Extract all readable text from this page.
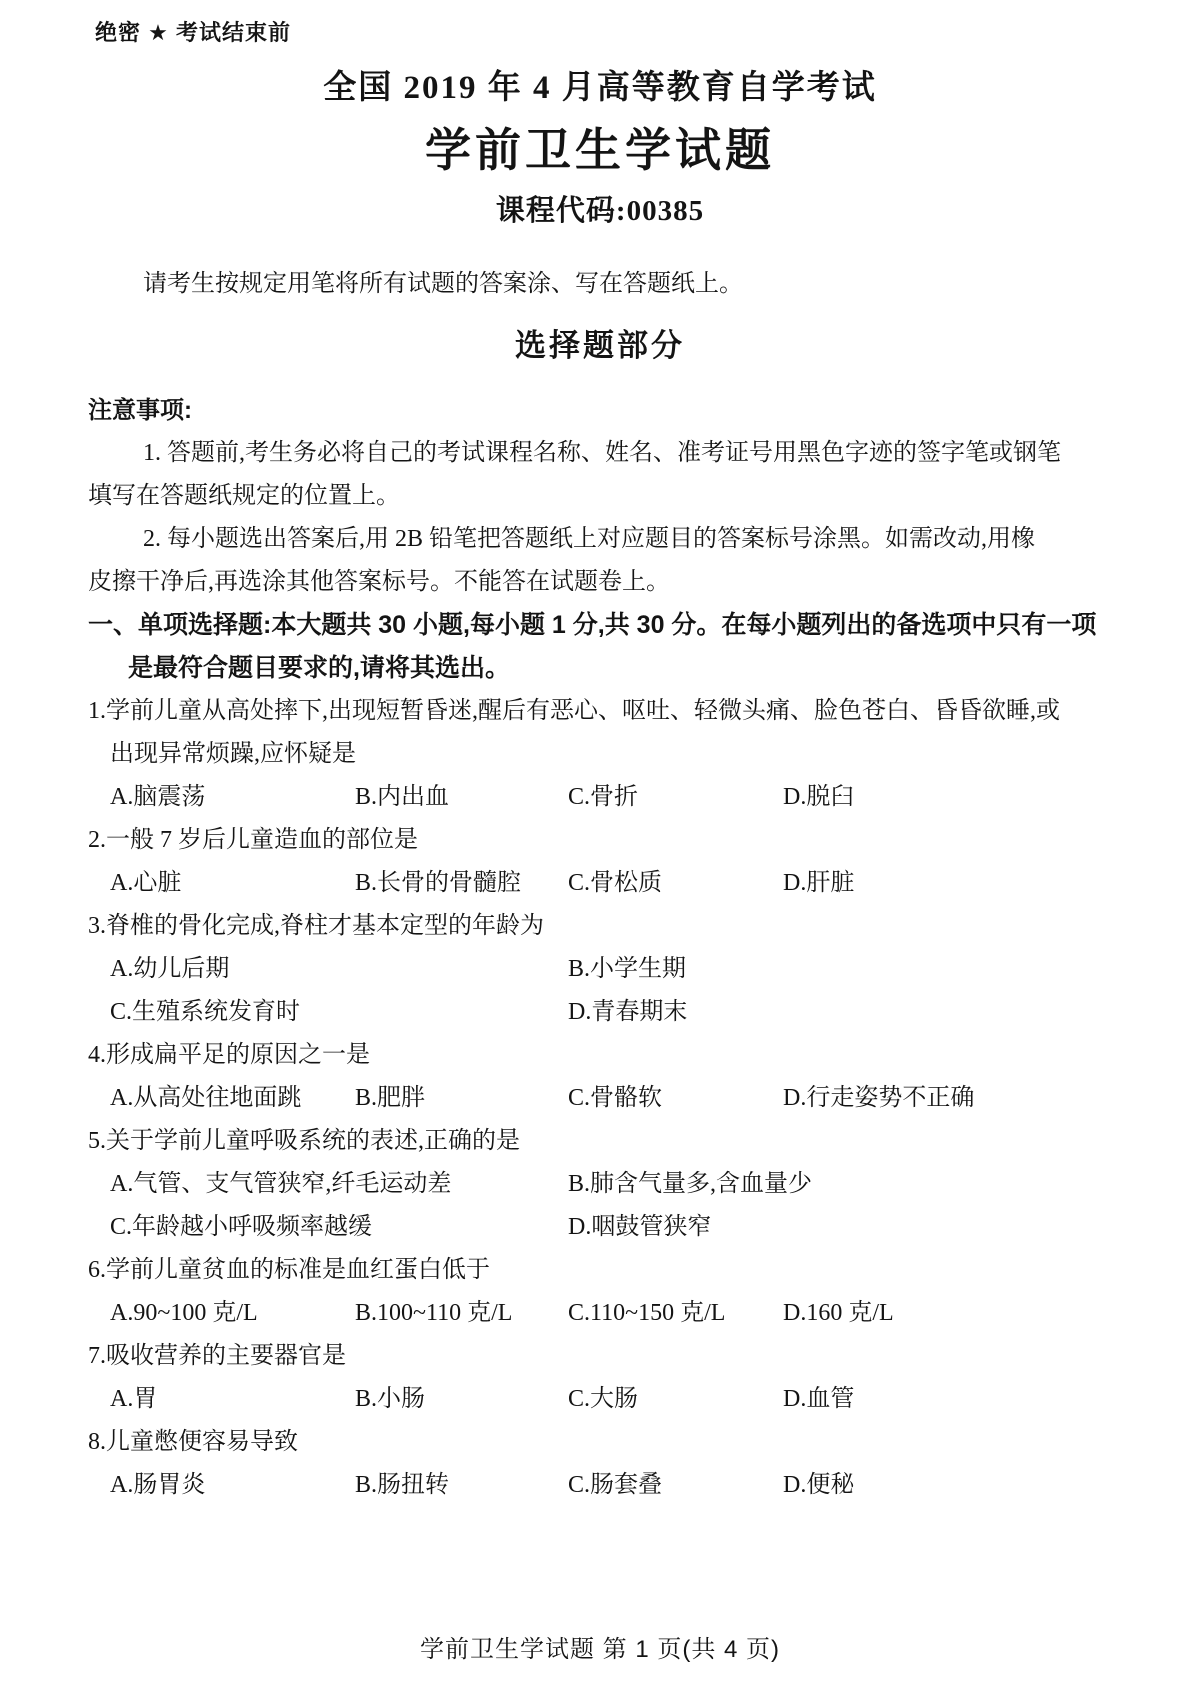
绝密 ★ 考试结束前
全国 2019 年 4 月高等教育自学考试
学前卫生学试题
课程代码:00385
请考生按规定用笔将所有试题的答案涂、写在答题纸上。
选择题部分
注意事项:
1. 答题前,考生务必将自己的考试课程名称、姓名、准考证号用黑色字迹的签字笔或钢笔
填写在答题纸规定的位置上。
2. 每小题选出答案后,用 2B 铅笔把答题纸上对应题目的答案标号涂黑。如需改动,用橡
皮擦干净后,再选涂其他答案标号。不能答在试题卷上。
一、单项选择题:本大题共 30 小题,每小题 1 分,共 30 分。在每小题列出的备选项中只有一项
是最符合题目要求的,请将其选出。
1.学前儿童从高处摔下,出现短暂昏迷,醒后有恶心、呕吐、轻微头痛、脸色苍白、昏昏欲睡,或
出现异常烦躁,应怀疑是
A.脑震荡	B.内出血	C.骨折	D.脱臼
2.一般 7 岁后儿童造血的部位是
A.心脏	B.长骨的骨髓腔	C.骨松质	D.肝脏
3.脊椎的骨化完成,脊柱才基本定型的年龄为
A.幼儿后期	B.小学生期
C.生殖系统发育时	D.青春期末
4.形成扁平足的原因之一是
A.从高处往地面跳	B.肥胖	C.骨骼软	D.行走姿势不正确
5.关于学前儿童呼吸系统的表述,正确的是
A.气管、支气管狭窄,纤毛运动差	B.肺含气量多,含血量少
C.年龄越小呼吸频率越缓	D.咽鼓管狭窄
6.学前儿童贫血的标准是血红蛋白低于
A.90~100 克/L	B.100~110 克/L	C.110~150 克/L	D.160 克/L
7.吸收营养的主要器官是
A.胃	B.小肠	C.大肠	D.血管
8.儿童憋便容易导致
A.肠胃炎	B.肠扭转	C.肠套叠	D.便秘
学前卫生学试题 第 1 页(共 4 页)
